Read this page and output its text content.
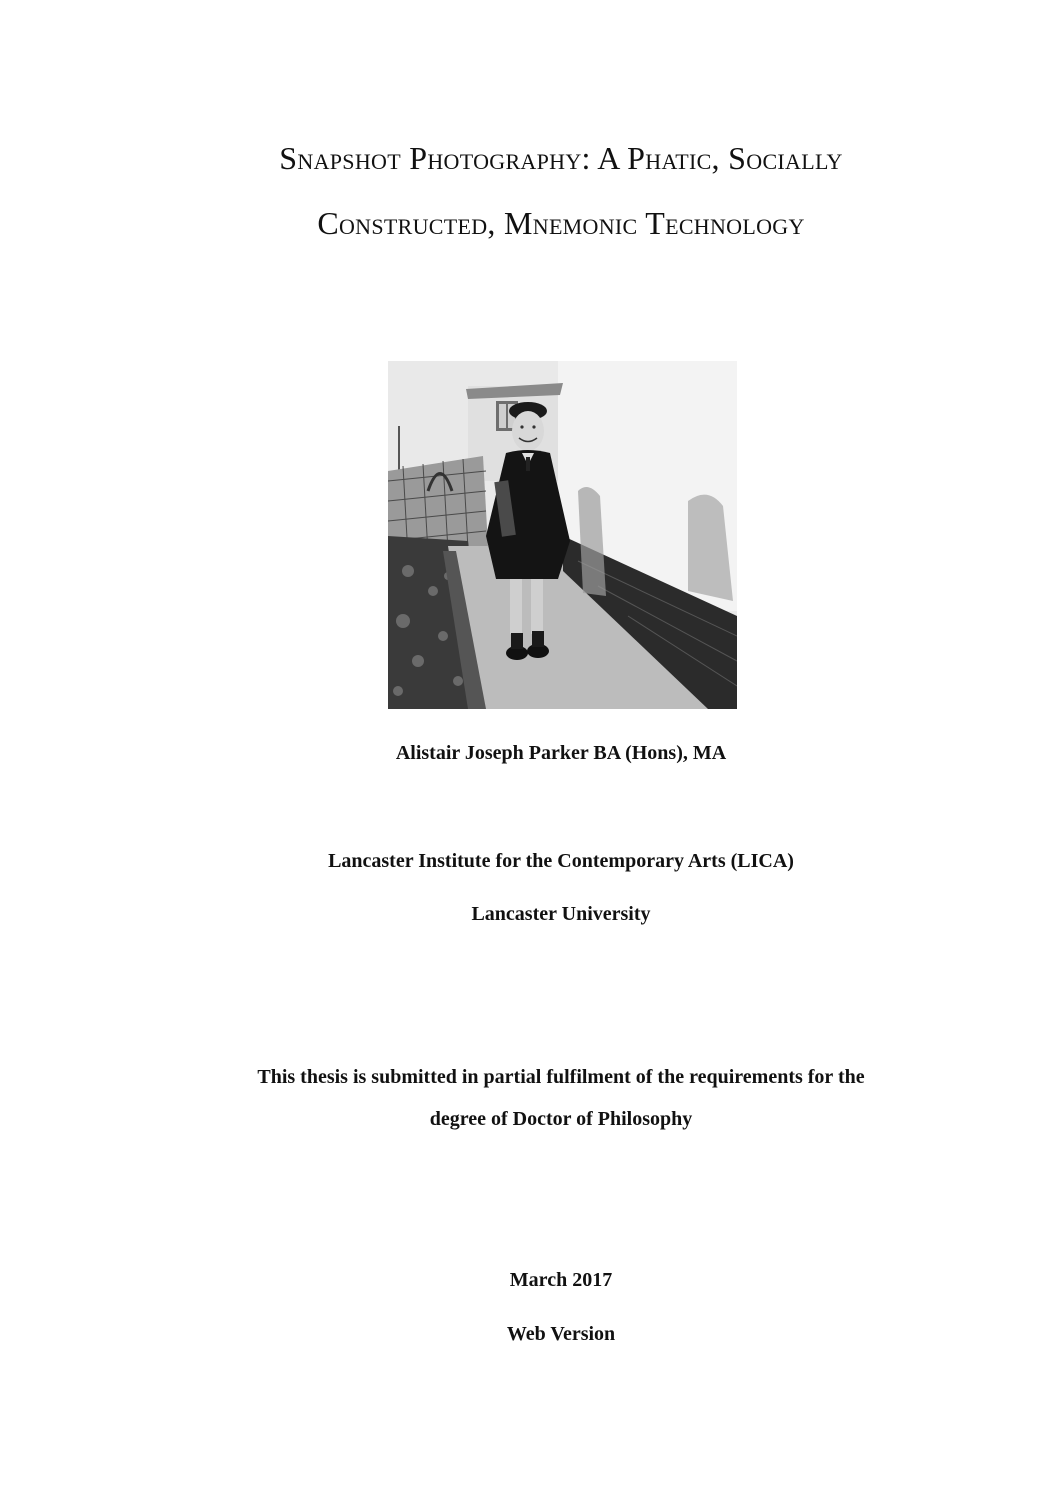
Snapshot Photography: A Phatic, Socially
Constructed, Mnemonic Technology

Alistair Joseph Parker BA (Hons), MA

Lancaster Institute for the Contemporary Arts (LICA)

Lancaster University

This thesis is submitted in partial fulfilment of the requirements for the

degree of Doctor of Philosophy

March 2017

Web Version
